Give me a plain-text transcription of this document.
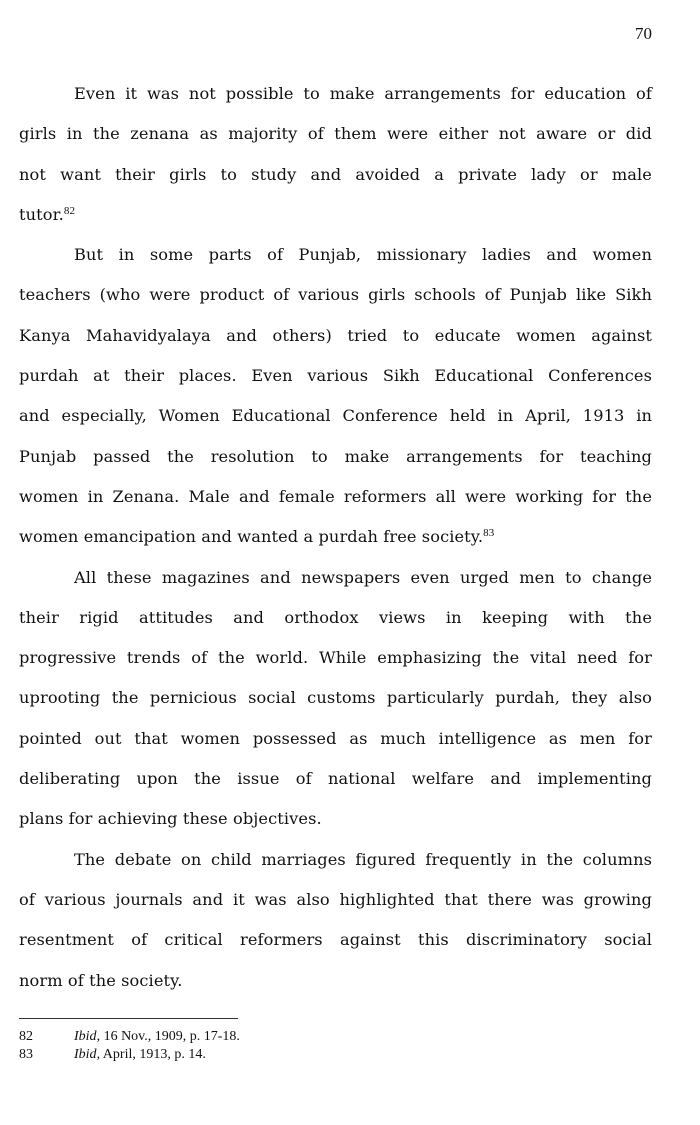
70
Even it was not possible to make arrangements for education of
girls in the zenana as majority of them were either not aware or did
not want their girls to study and avoided a private lady or male
tutor.$^{82}$
But in some parts of Punjab, missionary ladies and women
teachers (who were product of various girls schools of Punjab like Sikh
Kanya Mahavidyalaya and others) tried to educate women against
purdah at their places. Even various Sikh Educational Conferences
and especially, Women Educational Conference held in April, 1913 in
Punjab passed the resolution to make arrangements for teaching
women in Zenana. Male and female reformers all were working for the
women emancipation and wanted a purdah free society.$^{83}$
All these magazines and newspapers even urged men to change
their rigid attitudes and orthodox views in keeping with the
progressive trends of the world. While emphasizing the vital need for
uprooting the pernicious social customs particularly purdah, they also
pointed out that women possessed as much intelligence as men for
deliberating upon the issue of national welfare and implementing
plans for achieving these objectives.
The debate on child marriages figured frequently in the columns
of various journals and it was also highlighted that there was growing
resentment of critical reformers against this discriminatory social
norm of the society.
82	Ibid, 16 Nov., 1909, p. 17-18.
83	Ibid, April, 1913, p. 14.
